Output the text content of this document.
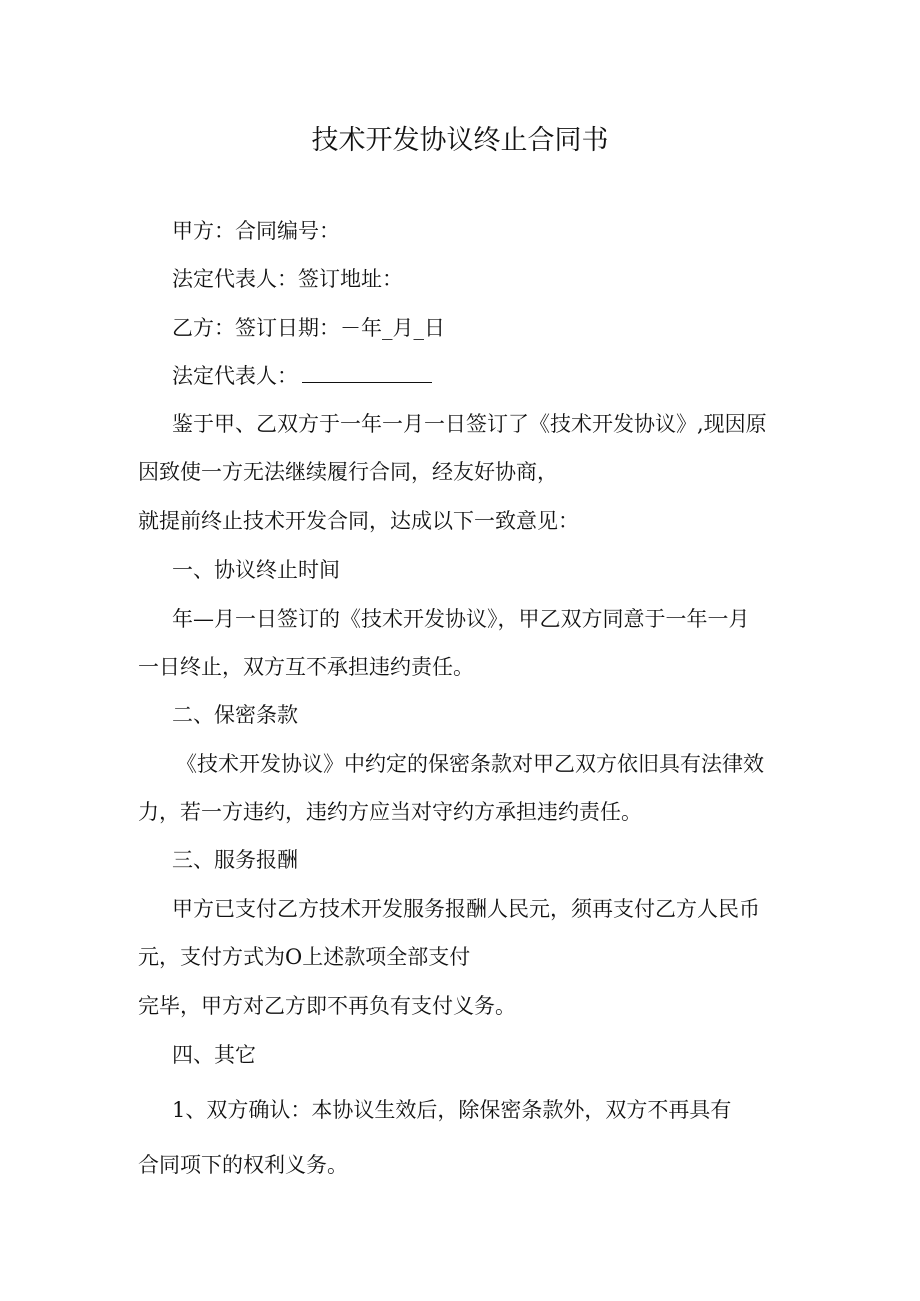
技术开发协议终止合同书
甲方：合同编号：
法定代表人：签订地址：
乙方：签订日期：－年_月_日
法定代表人：
鉴于甲、乙双方于一年一月一日签订了《技术开发协议》,现因原
因致使一方无法继续履行合同，经友好协商，
就提前终止技术开发合同，达成以下一致意见：
一、协议终止时间
年—月一日签订的《技术开发协议》，甲乙双方同意于一年一月
一日终止，双方互不承担违约责任。
二、保密条款
《技术开发协议》中约定的保密条款对甲乙双方依旧具有法律效
力，若一方违约，违约方应当对守约方承担违约责任。
三、服务报酬
甲方已支付乙方技术开发服务报酬人民元，须再支付乙方人民币
元，支付方式为O上述款项全部支付
完毕，甲方对乙方即不再负有支付义务。
四、其它
1、双方确认：本协议生效后，除保密条款外，双方不再具有
合同项下的权利义务。
